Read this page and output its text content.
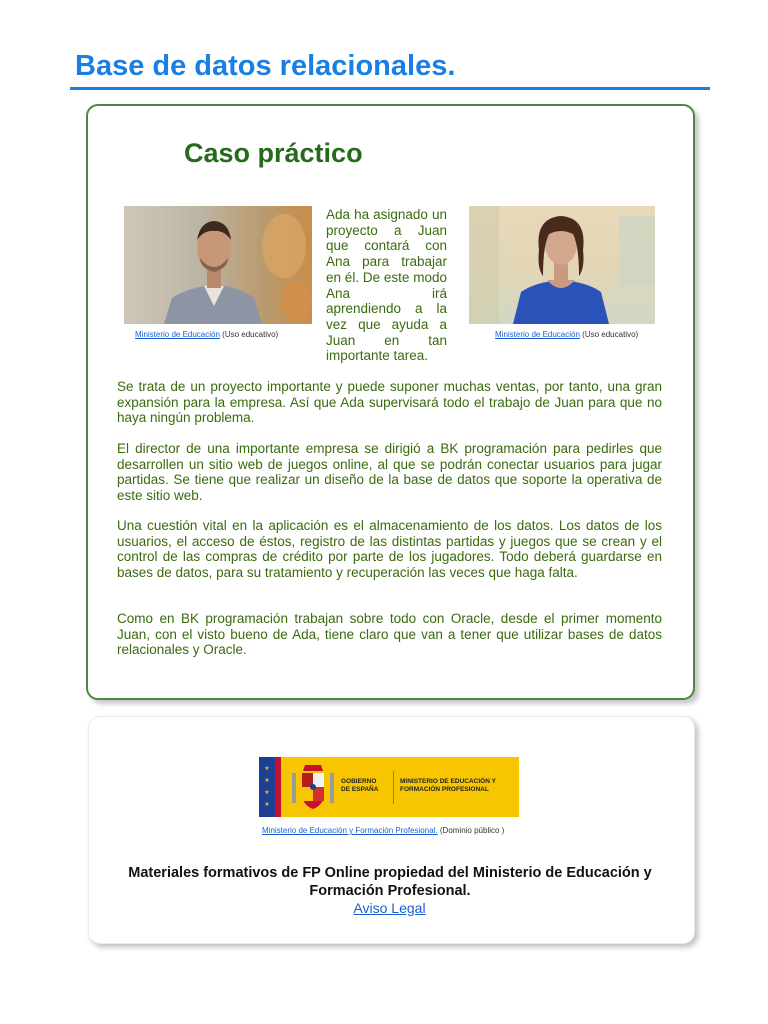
Base de datos relacionales.
Caso práctico
Ministerio de Educación (Uso educativo)

Ada ha asignado un proyecto a Juan que contará con Ana para trabajar en él. De este modo Ana irá aprendiendo a la vez que ayuda a Juan en tan importante tarea.

Ministerio de Educación (Uso educativo)

Se trata de un proyecto importante y puede suponer muchas ventas, por tanto, una gran expansión para la empresa. Así que Ada supervisará todo el trabajo de Juan para que no haya ningún problema.

El director de una importante empresa se dirigió a BK programación para pedirles que desarrollen un sitio web de juegos online, al que se podrán conectar usuarios para jugar partidas. Se tiene que realizar un diseño de la base de datos que soporte la operativa de este sitio web.

Una cuestión vital en la aplicación es el almacenamiento de los datos. Los datos de los usuarios, el acceso de éstos, registro de las distintas partidas y juegos que se crean y el control de las compras de crédito por parte de los jugadores. Todo deberá guardarse en bases de datos, para su tratamiento y recuperación las veces que haga falta.

Como en BK programación trabajan sobre todo con Oracle, desde el primer momento Juan, con el visto bueno de Ada, tiene claro que van a tener que utilizar bases de datos relacionales y Oracle.

★
★
★
★
GOBIERNO DE ESPAÑA
MINISTERIO DE EDUCACIÓN Y FORMACIÓN PROFESIONAL
Ministerio de Educación y Formación Profesional. (Dominio público )

Materiales formativos de FP Online propiedad del Ministerio de Educación y Formación Profesional.

Aviso Legal
